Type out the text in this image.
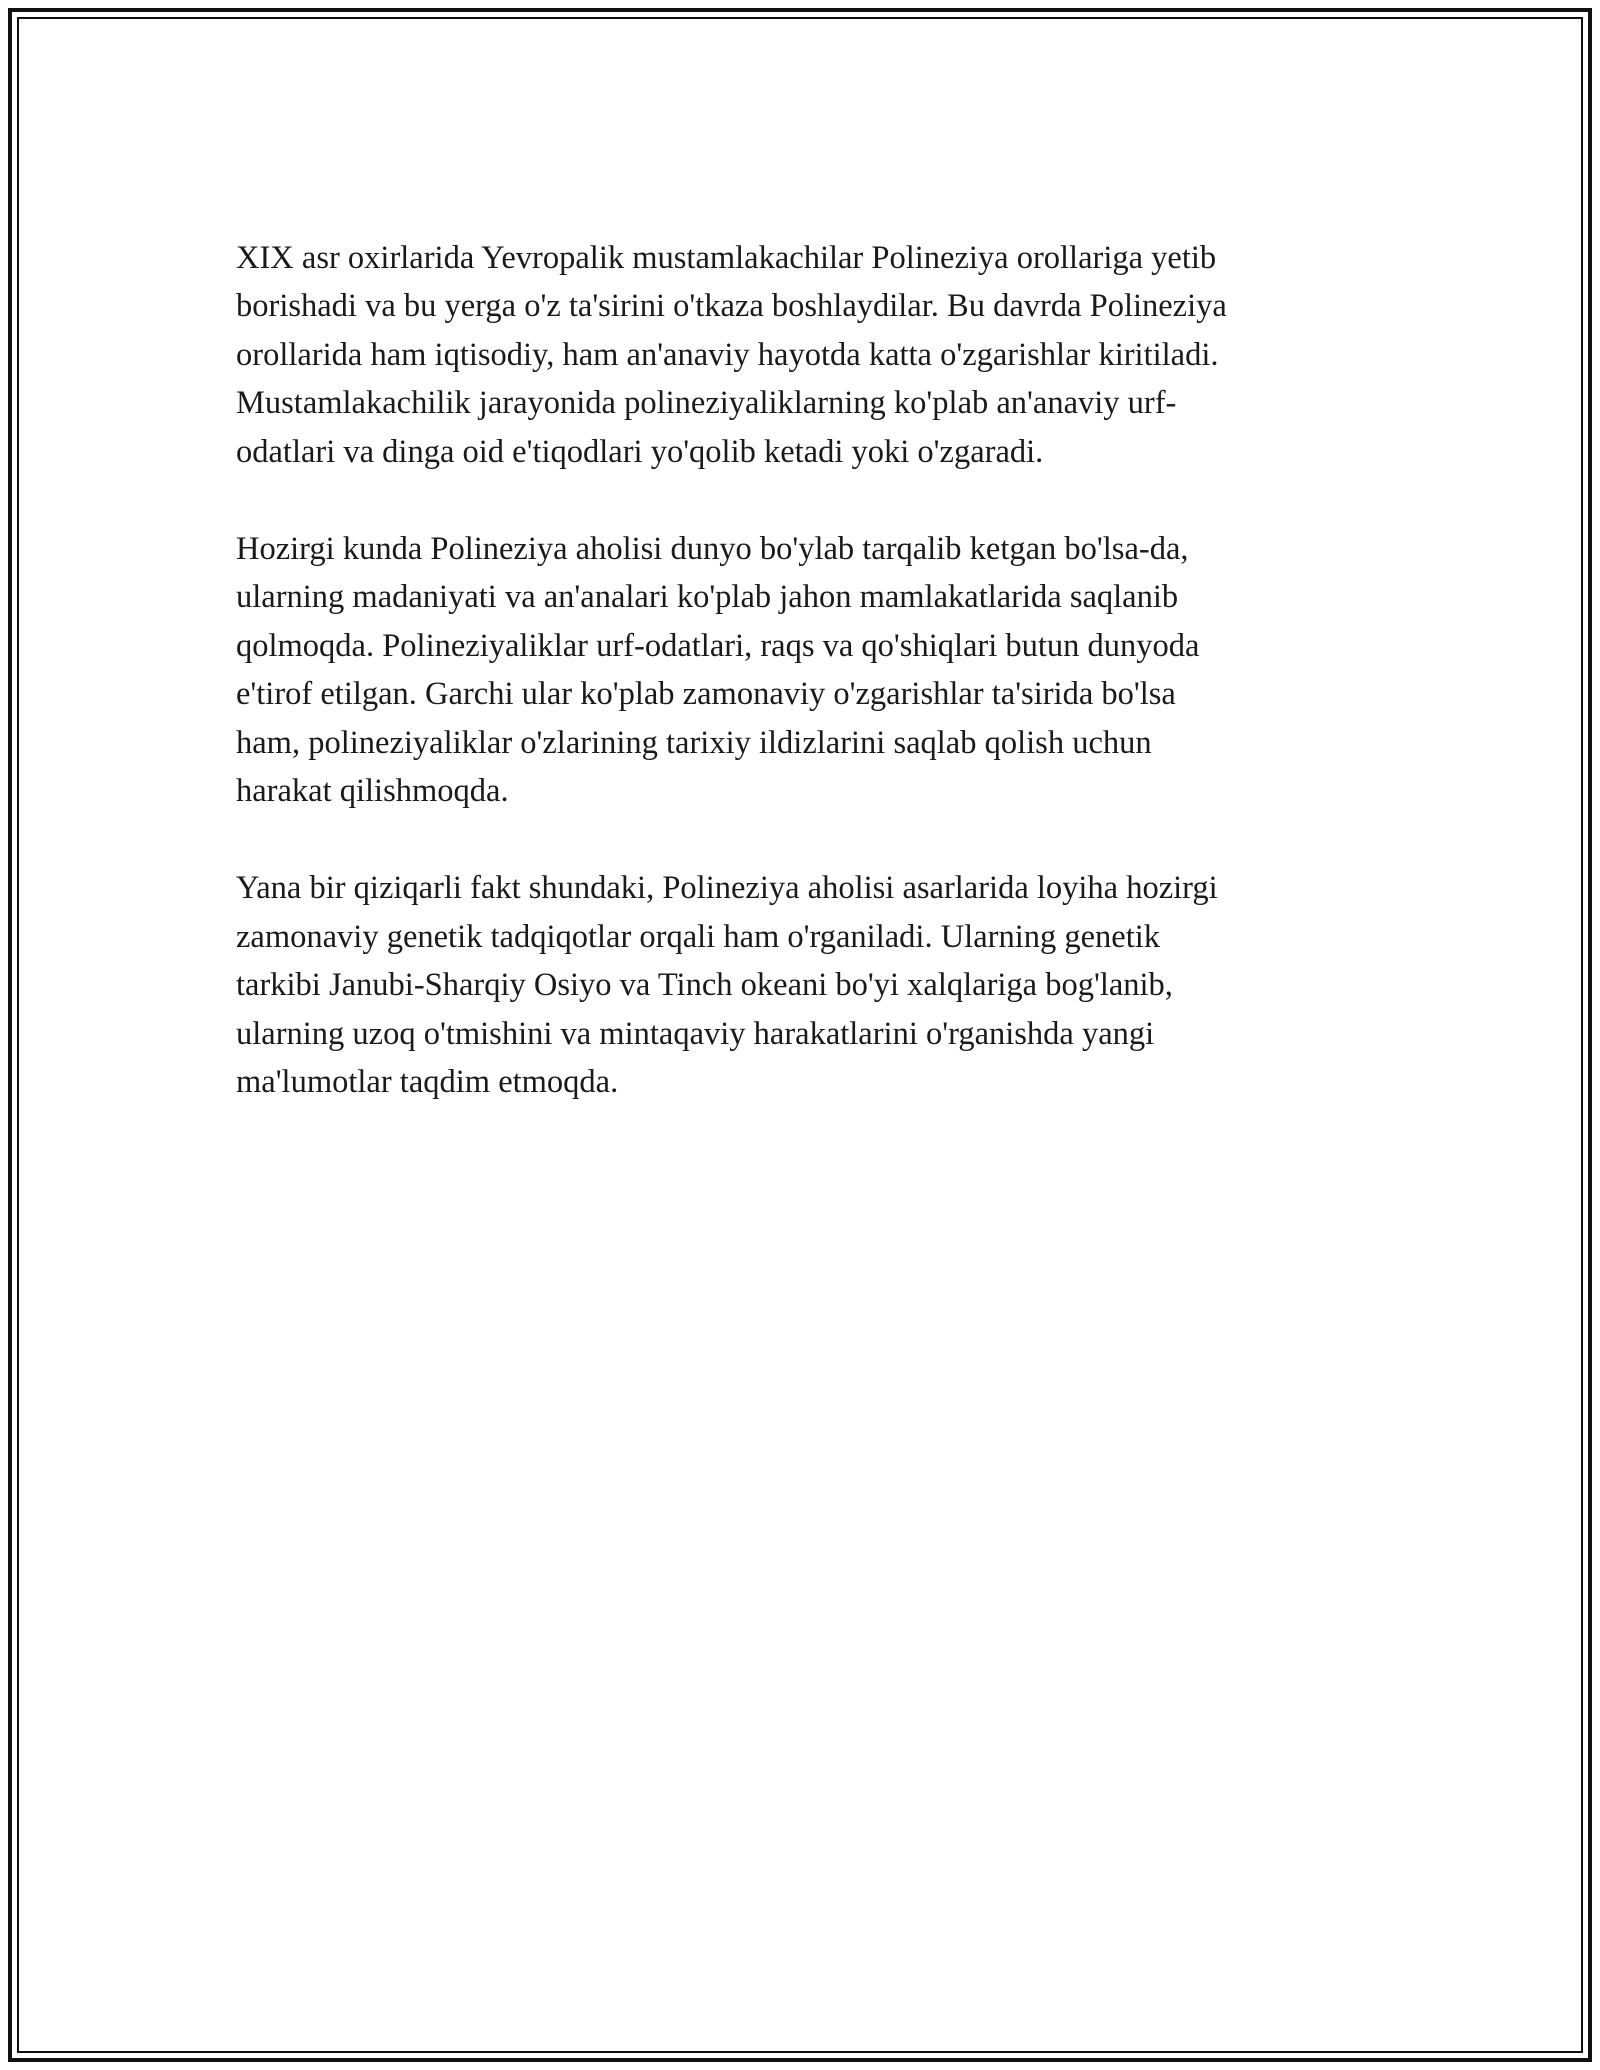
XIX asr oxirlarida Yevropalik mustamlakachilar Polineziya orollariga yetib
borishadi va bu yerga o'z ta'sirini o'tkaza boshlaydilar. Bu davrda Polineziya
orollarida ham iqtisodiy, ham an'anaviy hayotda katta o'zgarishlar kiritiladi.
Mustamlakachilik jarayonida polineziyaliklarning ko'plab an'anaviy urf-
odatlari va dinga oid e'tiqodlari yo'qolib ketadi yoki o'zgaradi.

Hozirgi kunda Polineziya aholisi dunyo bo'ylab tarqalib ketgan bo'lsa-da,
ularning madaniyati va an'analari ko'plab jahon mamlakatlarida saqlanib
qolmoqda. Polineziyaliklar urf-odatlari, raqs va qo'shiqlari butun dunyoda
e'tirof etilgan. Garchi ular ko'plab zamonaviy o'zgarishlar ta'sirida bo'lsa
ham, polineziyaliklar o'zlarining tarixiy ildizlarini saqlab qolish uchun
harakat qilishmoqda.

Yana bir qiziqarli fakt shundaki, Polineziya aholisi asarlarida loyiha hozirgi
zamonaviy genetik tadqiqotlar orqali ham o'rganiladi. Ularning genetik
tarkibi Janubi-Sharqiy Osiyo va Tinch okeani bo'yi xalqlariga bog'lanib,
ularning uzoq o'tmishini va mintaqaviy harakatlarini o'rganishda yangi
ma'lumotlar taqdim etmoqda.
